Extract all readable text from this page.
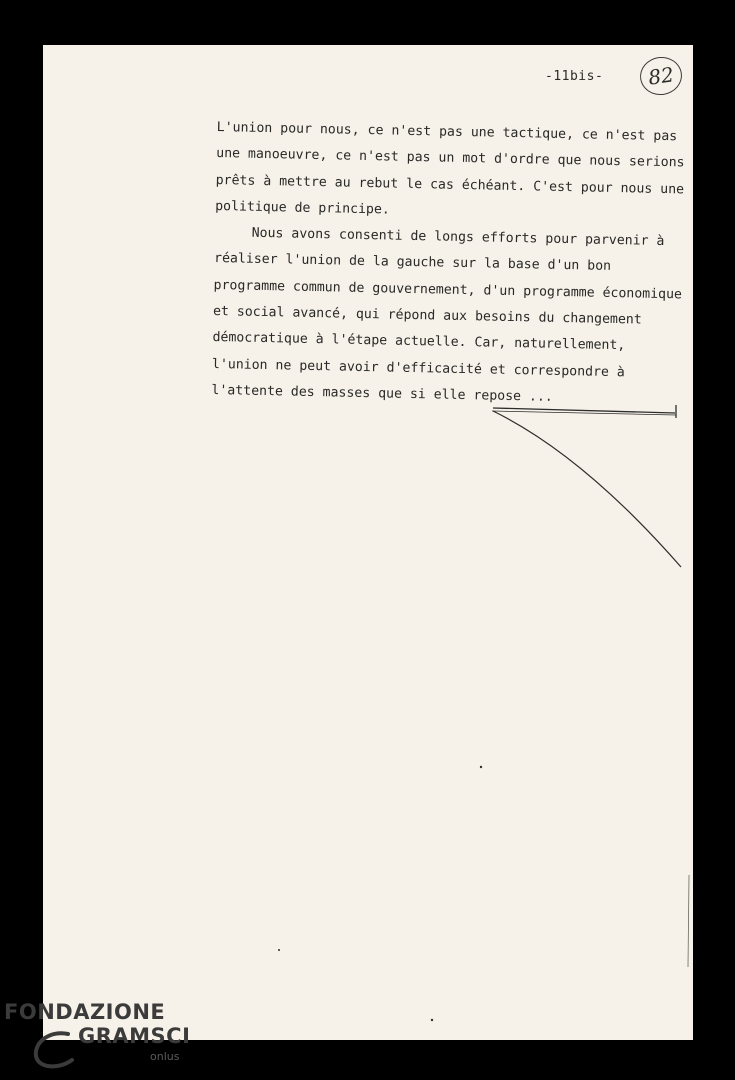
-11bis-	82

L'union pour nous, ce n'est pas une tactique, ce n'est pas une manoeuvre, ce n'est pas un mot d'ordre que nous serions prêts à mettre au rebut le cas échéant. C'est pour nous une politique de principe.

Nous avons consenti de longs efforts pour parvenir à réaliser l'union de la gauche sur la base d'un bon programme commun de gouvernement, d'un programme économique et social avancé, qui répond aux besoins du changement démocratique à l'étape actuelle. Car, naturellement, l'union ne peut avoir d'efficacité et correspondre à l'attente des masses que si elle repose ...

FONDAZIONE
GRAMSCI
onlus
